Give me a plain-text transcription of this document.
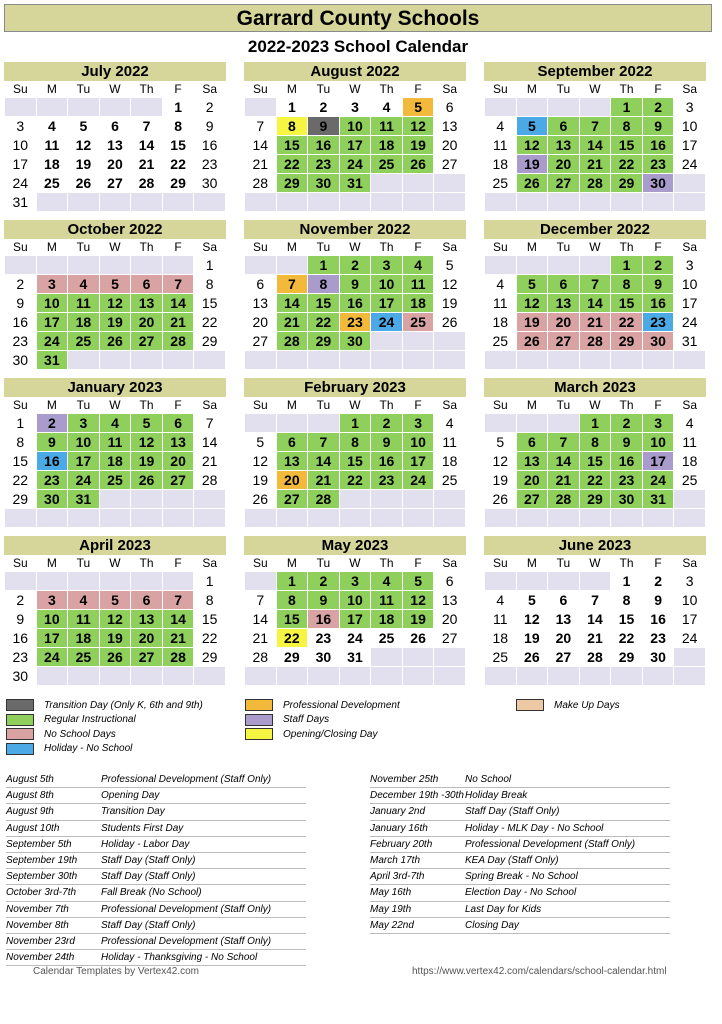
Garrard County Schools
2022-2023 School Calendar
July 2022
Su	M	Tu	W	Th	F	Sa
					1	2
3	4	5	6	7	8	9
10	11	12	13	14	15	16
17	18	19	20	21	22	23
24	25	26	27	28	29	30
31						
August 2022
Su	M	Tu	W	Th	F	Sa
	1	2	3	4	5	6
7	8	9	10	11	12	13
14	15	16	17	18	19	20
21	22	23	24	25	26	27
28	29	30	31			

September 2022
Su	M	Tu	W	Th	F	Sa
				1	2	3
4	5	6	7	8	9	10
11	12	13	14	15	16	17
18	19	20	21	22	23	24
25	26	27	28	29	30	

October 2022
Su	M	Tu	W	Th	F	Sa
						1
2	3	4	5	6	7	8
9	10	11	12	13	14	15
16	17	18	19	20	21	22
23	24	25	26	27	28	29
30	31					
November 2022
Su	M	Tu	W	Th	F	Sa
		1	2	3	4	5
6	7	8	9	10	11	12
13	14	15	16	17	18	19
20	21	22	23	24	25	26
27	28	29	30			

December 2022
Su	M	Tu	W	Th	F	Sa
				1	2	3
4	5	6	7	8	9	10
11	12	13	14	15	16	17
18	19	20	21	22	23	24
25	26	27	28	29	30	31

January 2023
Su	M	Tu	W	Th	F	Sa
1	2	3	4	5	6	7
8	9	10	11	12	13	14
15	16	17	18	19	20	21
22	23	24	25	26	27	28
29	30	31				

February 2023
Su	M	Tu	W	Th	F	Sa
			1	2	3	4
5	6	7	8	9	10	11
12	13	14	15	16	17	18
19	20	21	22	23	24	25
26	27	28				

March 2023
Su	M	Tu	W	Th	F	Sa
			1	2	3	4
5	6	7	8	9	10	11
12	13	14	15	16	17	18
19	20	21	22	23	24	25
26	27	28	29	30	31	

April 2023
Su	M	Tu	W	Th	F	Sa
						1
2	3	4	5	6	7	8
9	10	11	12	13	14	15
16	17	18	19	20	21	22
23	24	25	26	27	28	29
30						
May 2023
Su	M	Tu	W	Th	F	Sa
	1	2	3	4	5	6
7	8	9	10	11	12	13
14	15	16	17	18	19	20
21	22	23	24	25	26	27
28	29	30	31			

June 2023
Su	M	Tu	W	Th	F	Sa
				1	2	3
4	5	6	7	8	9	10
11	12	13	14	15	16	17
18	19	20	21	22	23	24
25	26	27	28	29	30	

Transition Day (Only K, 6th and 9th)
Regular Instructional
No School Days
Holiday - No School
Professional Development
Staff Days
Opening/Closing Day
Make Up Days
August 5th	Professional Development (Staff Only)
August 8th	Opening Day
August 9th	Transition Day
August 10th	Students First Day
September 5th	Holiday - Labor Day
September 19th	Staff Day (Staff Only)
September 30th	Staff Day (Staff Only)
October 3rd-7th	Fall Break (No School)
November 7th	Professional Development (Staff Only)
November 8th	Staff Day (Staff Only)
November 23rd	Professional Development (Staff Only)
November 24th	Holiday - Thanksgiving - No School
November 25th	No School
December 19th -30th Holiday Break
January 2nd	Staff Day (Staff Only)
January 16th	Holiday - MLK Day - No School
February 20th	Professional Development (Staff Only)
March 17th	KEA Day (Staff Only)
April 3rd-7th	Spring Break - No School
May 16th	Election Day - No School
May 19th	Last Day for Kids
May 22nd	Closing Day
Calendar Templates by Vertex42.com	https://www.vertex42.com/calendars/school-calendar.html
